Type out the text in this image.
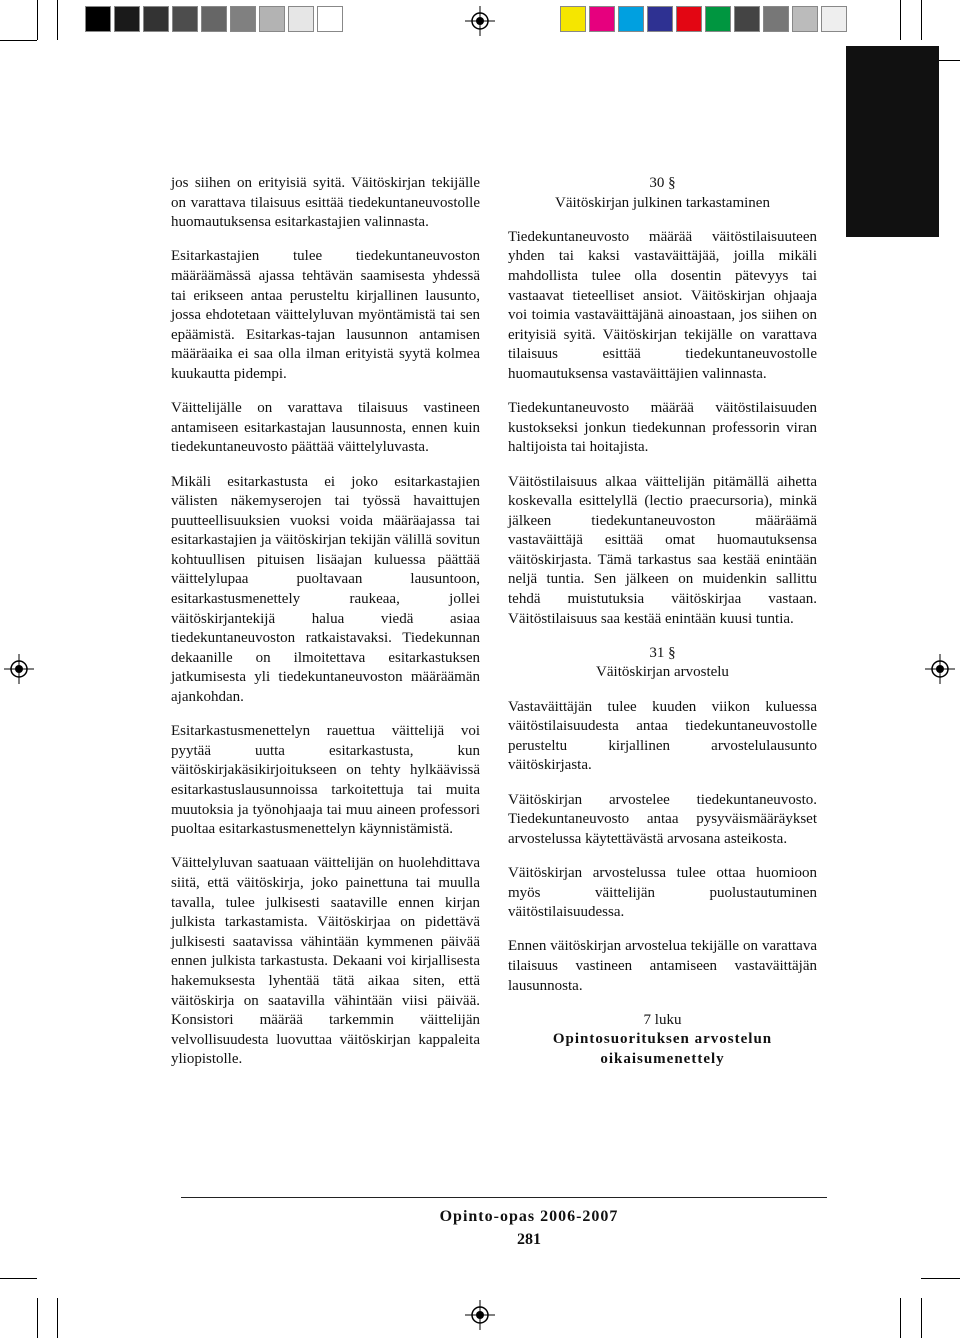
jos siihen on erityisiä syitä. Väitöskirjan tekijälle on varattava tilaisuus esittää tiedekuntaneuvostolle huomautuksensa esitarkastajien valinnasta.

Esitarkastajien tulee tiedekuntaneuvoston määräämässä ajassa tehtävän saamisesta yhdessä tai erikseen antaa perusteltu kirjallinen lausunto, jossa ehdotetaan väittelyluvan myöntämistä tai sen epäämistä. Esitarkas-tajan lausunnon antamisen määräaika ei saa olla ilman erityistä syytä kolmea kuukautta pidempi.

Väittelijälle on varattava tilaisuus vastineen antamiseen esitarkastajan lausunnosta, ennen kuin tiedekuntaneuvosto päättää väittelyluvasta.

Mikäli esitarkastusta ei joko esitarkastajien välisten näkemyserojen tai työssä havaittujen puutteellisuuksien vuoksi voida määräajassa tai esitarkastajien ja väitöskirjan tekijän välillä sovitun kohtuullisen pituisen lisäajan kuluessa päättää väittelylupaa puoltavaan lausuntoon, esitarkastusmenettely raukeaa, jollei väitöskirjantekijä halua viedä asiaa tiedekuntaneuvoston ratkaistavaksi. Tiedekunnan dekaanille on ilmoitettava esitarkastuksen jatkumisesta yli tiedekuntaneuvoston määräämän ajankohdan.

Esitarkastusmenettelyn rauettua väittelijä voi pyytää uutta esitarkastusta, kun väitöskirjakäsikirjoitukseen on tehty hylkäävissä esitarkastuslausunnoissa tarkoitettuja tai muita muutoksia ja työnohjaaja tai muu aineen professori puoltaa esitarkastusmenettelyn käynnistämistä.

Väittelyluvan saatuaan väittelijän on huolehdittava siitä, että väitöskirja, joko painettuna tai muulla tavalla, tulee julkisesti saataville ennen kirjan julkista tarkastamista. Väitöskirjaa on pidettävä julkisesti saatavissa vähintään kymmenen päivää ennen julkista tarkastusta. Dekaani voi kirjallisesta hakemuksesta lyhentää tätä aikaa siten, että väitöskirja on saatavilla vähintään viisi päivää. Konsistori määrää tarkemmin väittelijän velvollisuudesta luovuttaa väitöskirjan kappaleita yliopistolle.

30 §
Väitöskirjan julkinen tarkastaminen

Tiedekuntaneuvosto määrää väitöstilaisuuteen yhden tai kaksi vastaväittäjää, joilla mikäli mahdollista tulee olla dosentin pätevyys tai vastaavat tieteelliset ansiot. Väitöskirjan ohjaaja voi toimia vastaväittäjänä ainoastaan, jos siihen on erityisiä syitä. Väitöskirjan tekijälle on varattava tilaisuus esittää tiedekuntaneuvostolle huomautuksensa vastaväittäjien valinnasta.

Tiedekuntaneuvosto määrää väitöstilaisuuden kustokseksi jonkun tiedekunnan professorin viran haltijoista tai hoitajista.

Väitöstilaisuus alkaa väittelijän pitämällä aihetta koskevalla esittelyllä (lectio praecursoria), minkä jälkeen tiedekuntaneuvoston määräämä vastaväittäjä esittää omat huomautuksensa väitöskirjasta. Tämä tarkastus saa kestää enintään neljä tuntia. Sen jälkeen on muidenkin sallittu tehdä muistutuksia väitöskirjaa vastaan. Väitöstilaisuus saa kestää enintään kuusi tuntia.

31 §
Väitöskirjan arvostelu

Vastaväittäjän tulee kuuden viikon kuluessa väitöstilaisuudesta antaa tiedekuntaneuvostolle perusteltu kirjallinen arvostelulausunto väitöskirjasta.

Väitöskirjan arvostelee tiedekuntaneuvosto. Tiedekuntaneuvosto antaa pysyväismääräykset arvostelussa käytettävästä arvosana asteikosta.

Väitöskirjan arvostelussa tulee ottaa huomioon myös väittelijän puolustautuminen väitöstilaisuudessa.

Ennen väitöskirjan arvostelua tekijälle on varattava tilaisuus vastineen antamiseen vastaväittäjän lausunnosta.

7 luku
Opintosuorituksen arvostelun
oikaisumenettely
Opinto-opas 2006-2007
281
